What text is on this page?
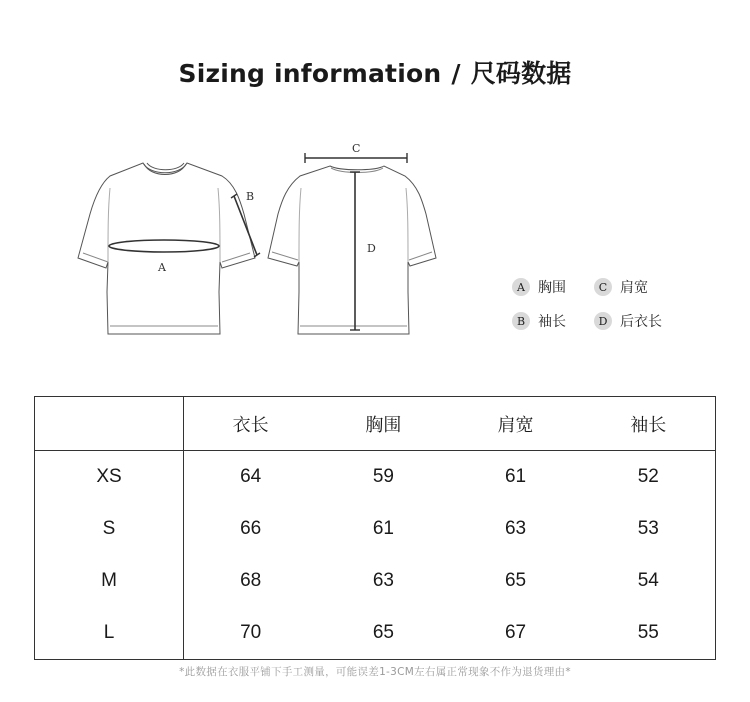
Sizing information / 尺码数据
A
B
C
D
A 胸围	C 肩宽
B 袖长	D 后衣长
	衣长	胸围	肩宽	袖长
XS	64	59	61	52
S	66	61	63	53
M	68	63	65	54
L	70	65	67	55
*此数据在衣服平铺下手工测量，可能误差1-3CM左右属正常现象不作为退货理由*
